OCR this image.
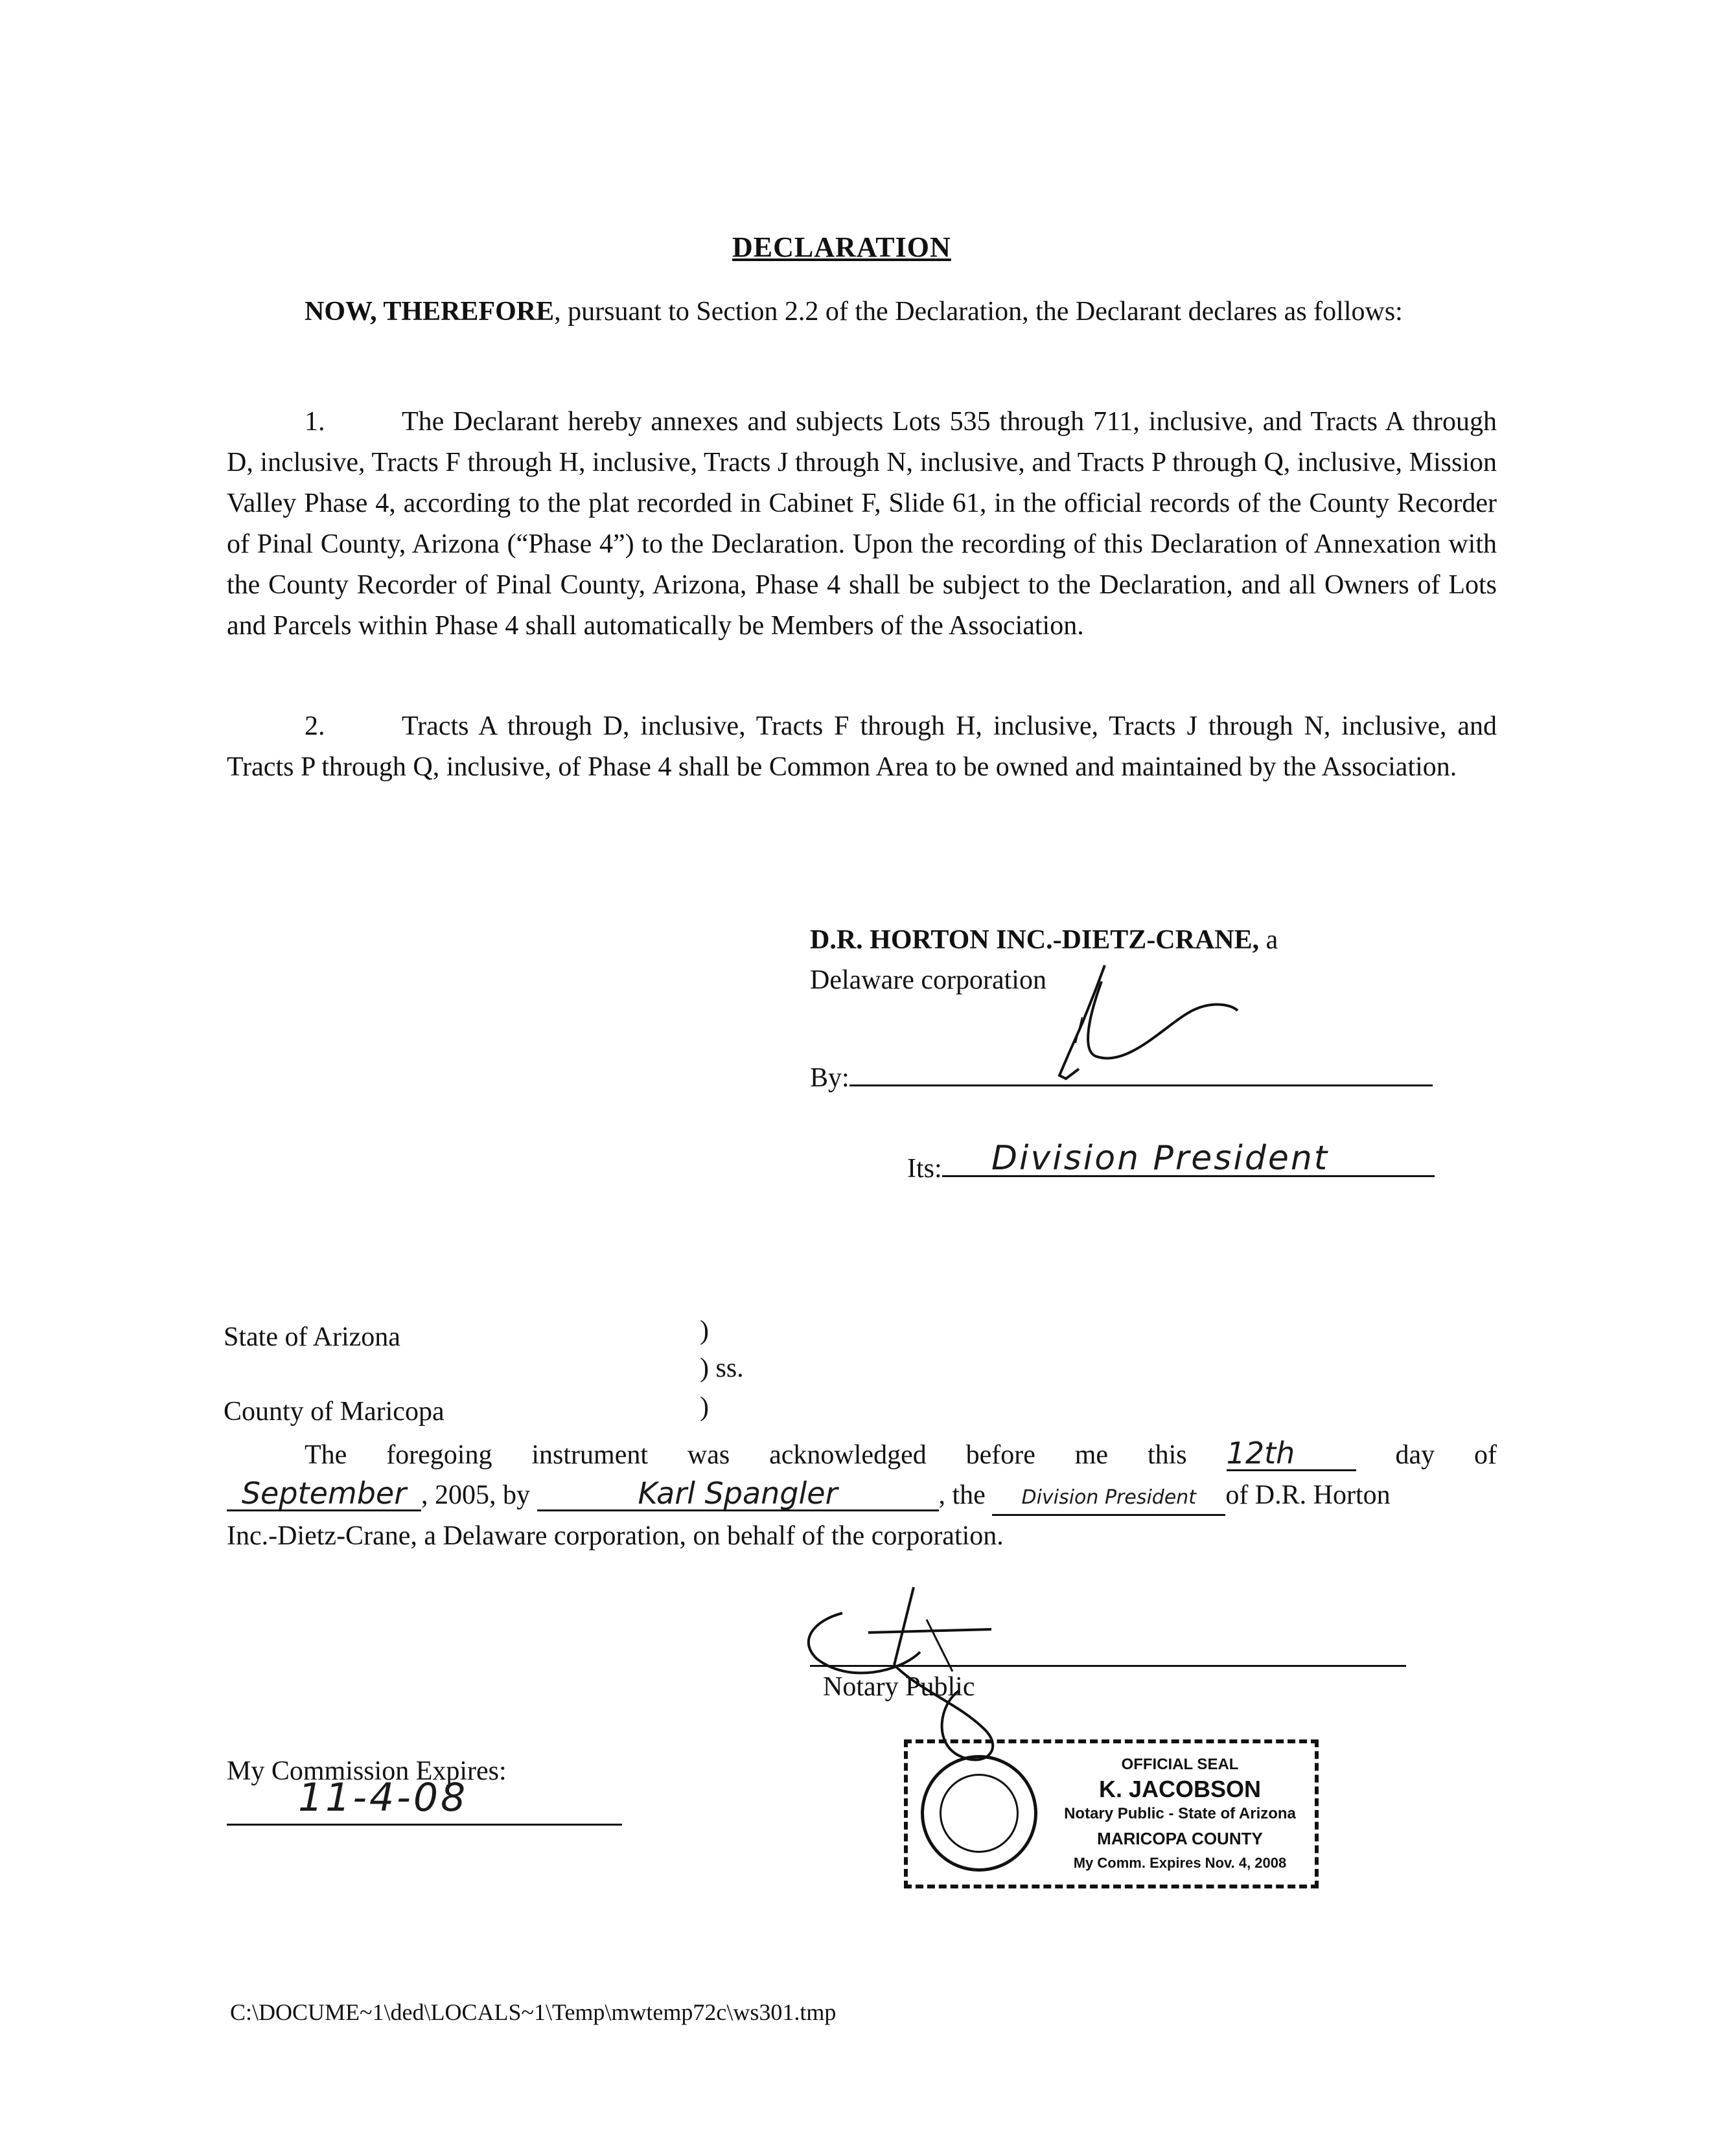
DECLARATION
NOW, THEREFORE, pursuant to Section 2.2 of the Declaration, the Declarant declares as follows:
1.	The Declarant hereby annexes and subjects Lots 535 through 711, inclusive, and Tracts A through D, inclusive, Tracts F through H, inclusive, Tracts J through N, inclusive, and Tracts P through Q, inclusive, Mission Valley Phase 4, according to the plat recorded in Cabinet F, Slide 61, in the official records of the County Recorder of Pinal County, Arizona (“Phase 4”) to the Declaration. Upon the recording of this Declaration of Annexation with the County Recorder of Pinal County, Arizona, Phase 4 shall be subject to the Declaration, and all Owners of Lots and Parcels within Phase 4 shall automatically be Members of the Association.
2.	Tracts A through D, inclusive, Tracts F through H, inclusive, Tracts J through N, inclusive, and Tracts P through Q, inclusive, of Phase 4 shall be Common Area to be owned and maintained by the Association.
D.R. HORTON INC.-DIETZ-CRANE, a
Delaware corporation
By:
Its: Division President
State of Arizona
County of Maricopa
)
) ss.
)
The foregoing instrument was acknowledged before me this 12th	day of
September , 2005, by	Karl Spangler	, the Division President of D.R. Horton
Inc.-Dietz-Crane, a Delaware corporation, on behalf of the corporation.
Notary Public
My Commission Expires:
11-4-08
OFFICIAL SEAL
K. JACOBSON
Notary Public - State of Arizona
MARICOPA COUNTY
My Comm. Expires Nov. 4, 2008
C:\DOCUME~1\ded\LOCALS~1\Temp\mwtemp72c\ws301.tmp
